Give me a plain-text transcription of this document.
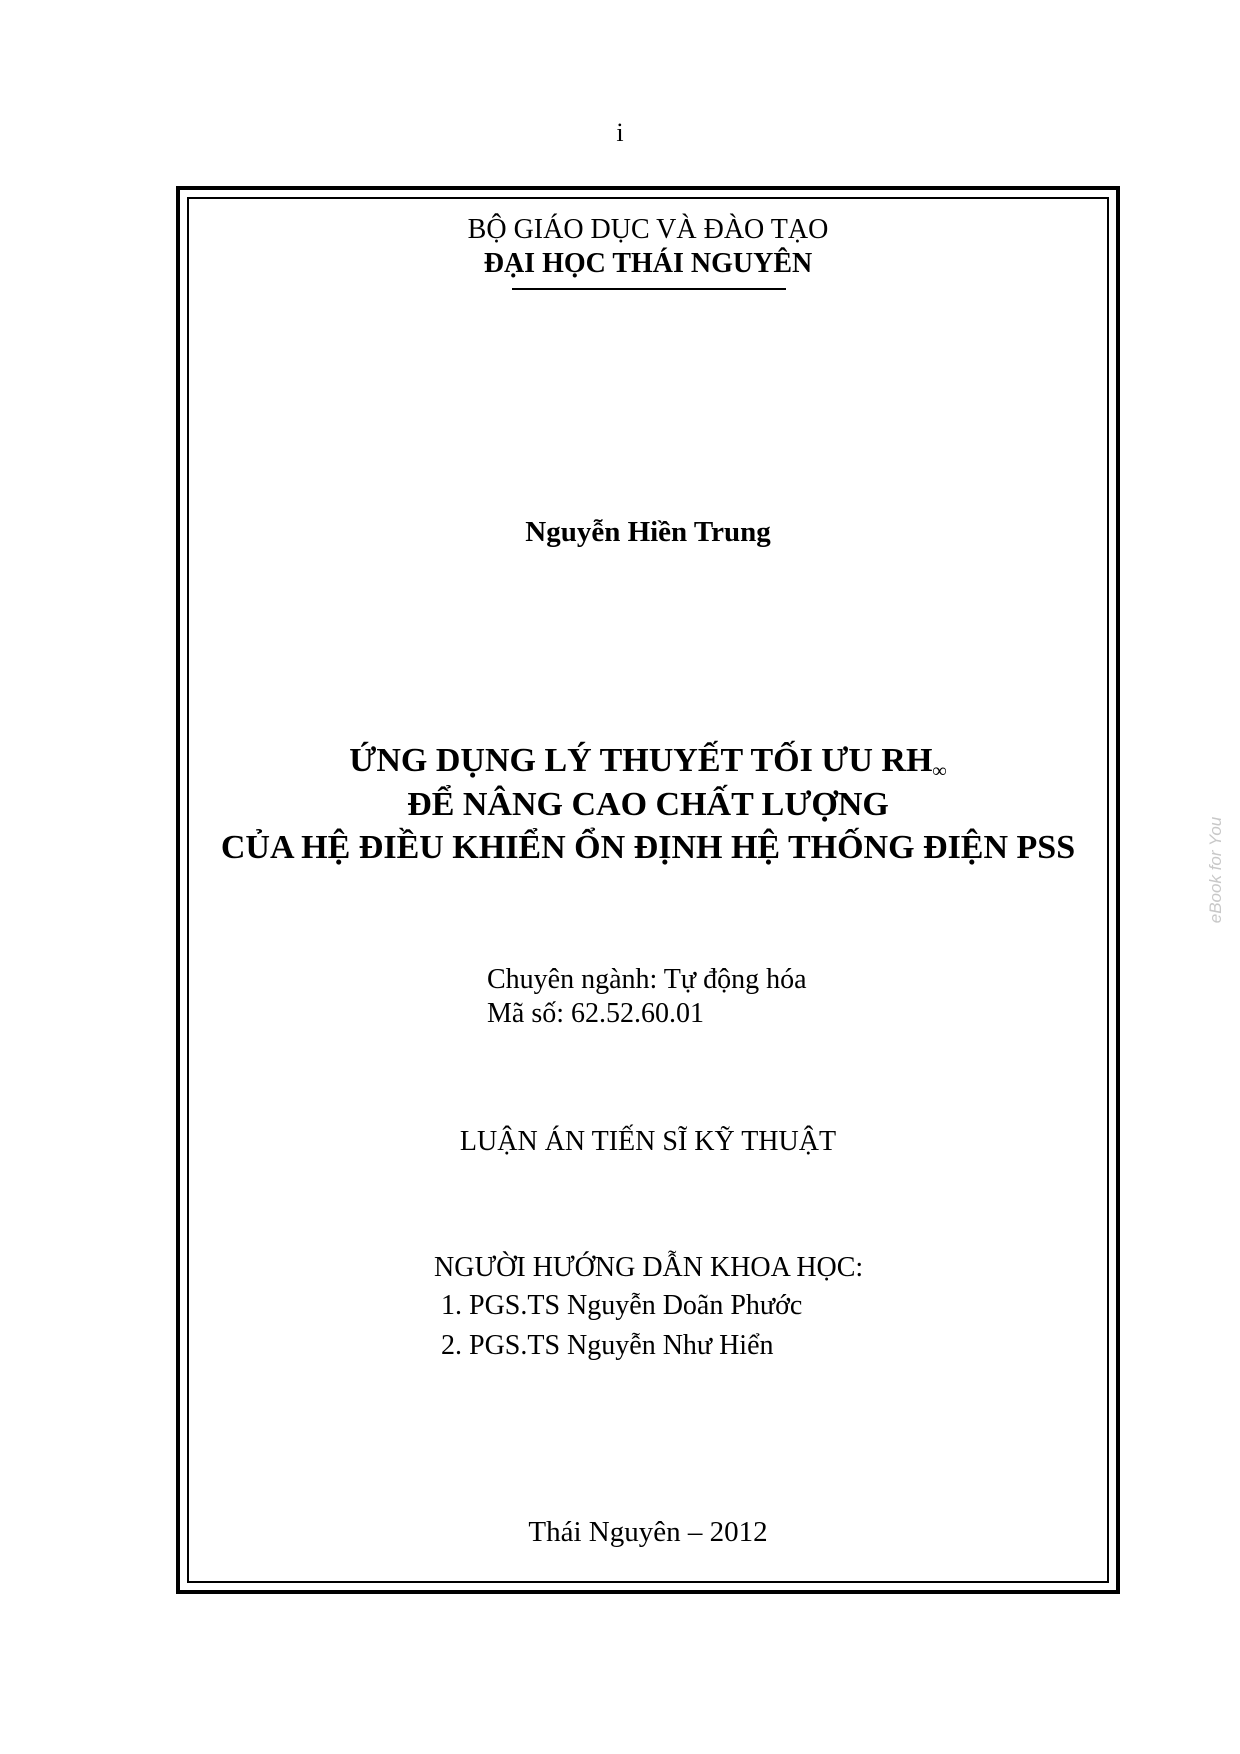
i
BỘ GIÁO DỤC VÀ ĐÀO TẠO
ĐẠI HỌC THÁI NGUYÊN
Nguyễn Hiền Trung
ỨNG DỤNG LÝ THUYẾT TỐI ƯU $RH_\infty$
ĐỂ NÂNG CAO CHẤT LƯỢNG
CỦA HỆ ĐIỀU KHIỂN ỔN ĐỊNH HỆ THỐNG ĐIỆN PSS
Chuyên ngành: Tự động hóa
Mã số: 62.52.60.01
LUẬN ÁN TIẾN SĨ KỸ THUẬT
NGƯỜI HƯỚNG DẪN KHOA HỌC:
1. PGS.TS Nguyễn Doãn Phước
2. PGS.TS Nguyễn Như Hiển
Thái Nguyên – 2012
eBook for You
